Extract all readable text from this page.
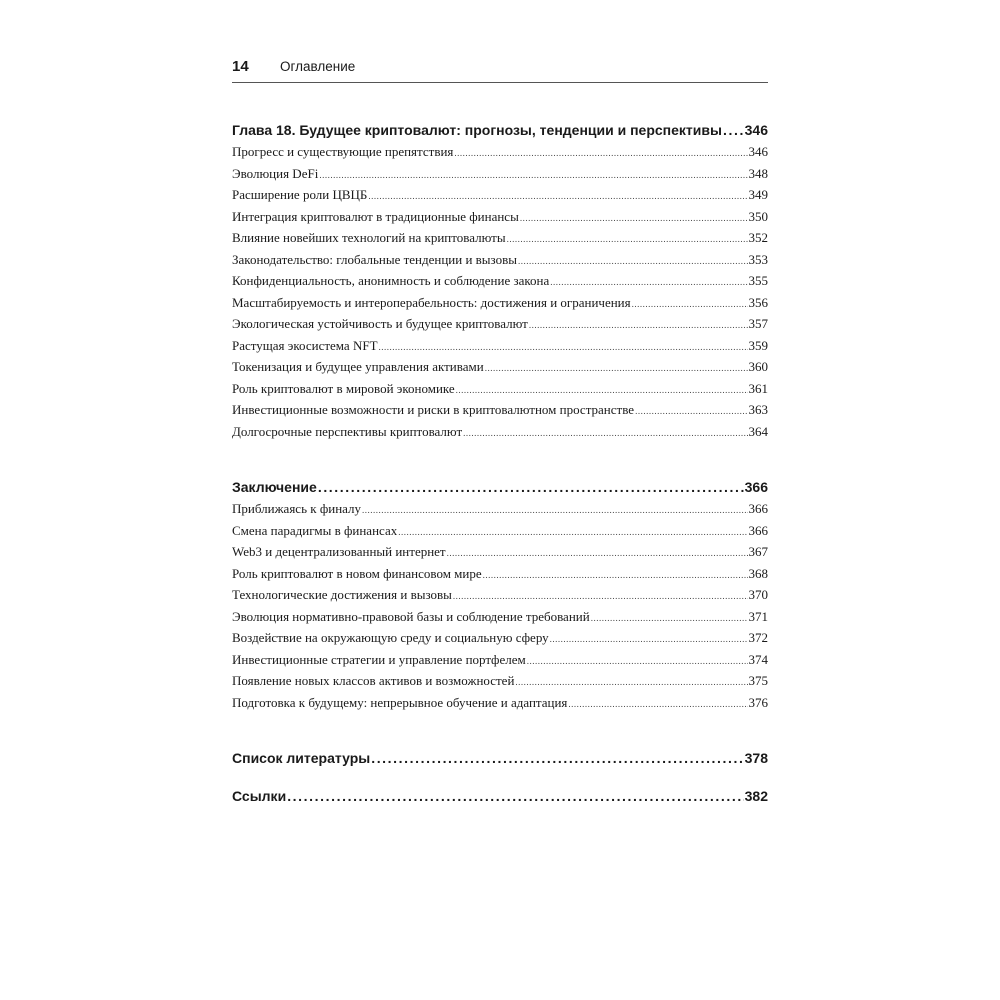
14	Оглавление
Глава 18. Будущее криптовалют: прогнозы, тенденции и перспективы ..... 346
Прогресс и существующие препятствия .....	346
Эволюция DeFi .....	348
Расширение роли ЦВЦБ .....	349
Интеграция криптовалют в традиционные финансы .....	350
Влияние новейших технологий на криптовалюты .....	352
Законодательство: глобальные тенденции и вызовы .....	353
Конфиденциальность, анонимность и соблюдение закона .....	355
Масштабируемость и интероперабельность: достижения и ограничения .....	356
Экологическая устойчивость и будущее криптовалют .....	357
Растущая экосистема NFT .....	359
Токенизация и будущее управления активами .....	360
Роль криптовалют в мировой экономике .....	361
Инвестиционные возможности и риски в криптовалютном пространстве .....	363
Долгосрочные перспективы криптовалют .....	364
Заключение .....	366
Приближаясь к финалу .....	366
Смена парадигмы в финансах .....	366
Web3 и децентрализованный интернет .....	367
Роль криптовалют в новом финансовом мире .....	368
Технологические достижения и вызовы .....	370
Эволюция нормативно-правовой базы и соблюдение требований .....	371
Воздействие на окружающую среду и социальную сферу .....	372
Инвестиционные стратегии и управление портфелем .....	374
Появление новых классов активов и возможностей .....	375
Подготовка к будущему: непрерывное обучение и адаптация .....	376
Список литературы .....	378
Ссылки .....	382
